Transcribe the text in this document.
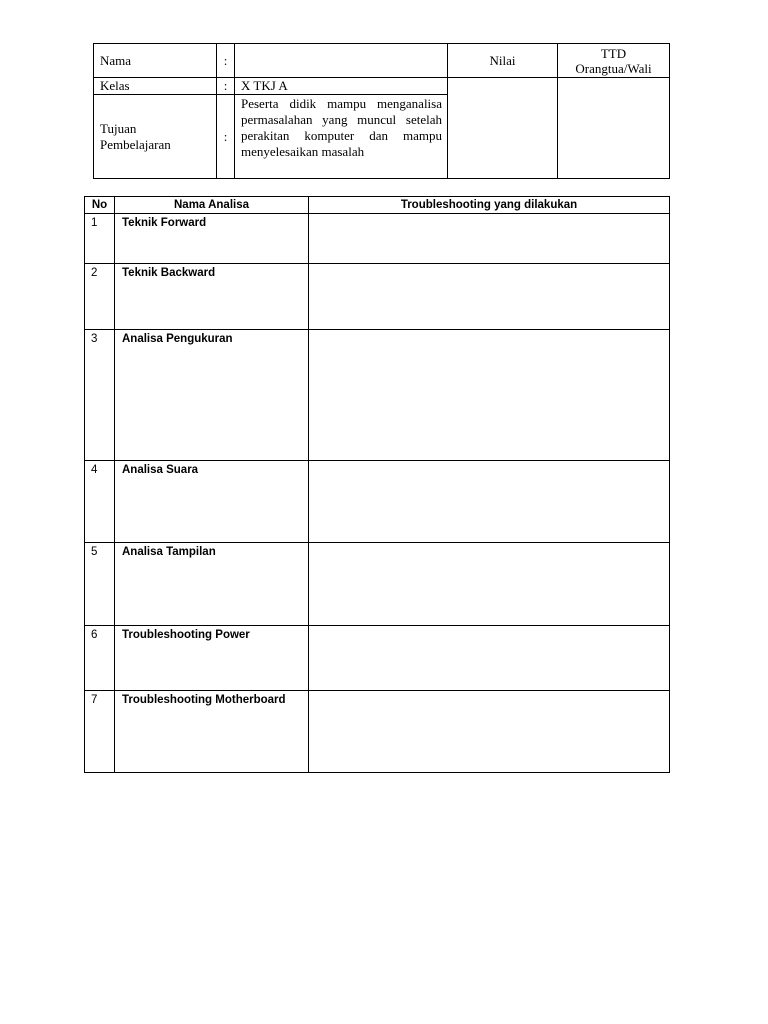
Nama	:		Nilai	TTD
Orangtua/Wali
Kelas	:	X TKJ A		
Tujuan
Pembelajaran	:	Peserta didik mampu menganalisa permasalahan yang muncul setelah perakitan komputer dan mampu menyelesaikan masalah		
No	Nama Analisa	Troubleshooting yang dilakukan
1	Teknik Forward	
2	Teknik Backward	
3	Analisa Pengukuran	
4	Analisa Suara	
5	Analisa Tampilan	
6	Troubleshooting Power	
7	Troubleshooting Motherboard	
